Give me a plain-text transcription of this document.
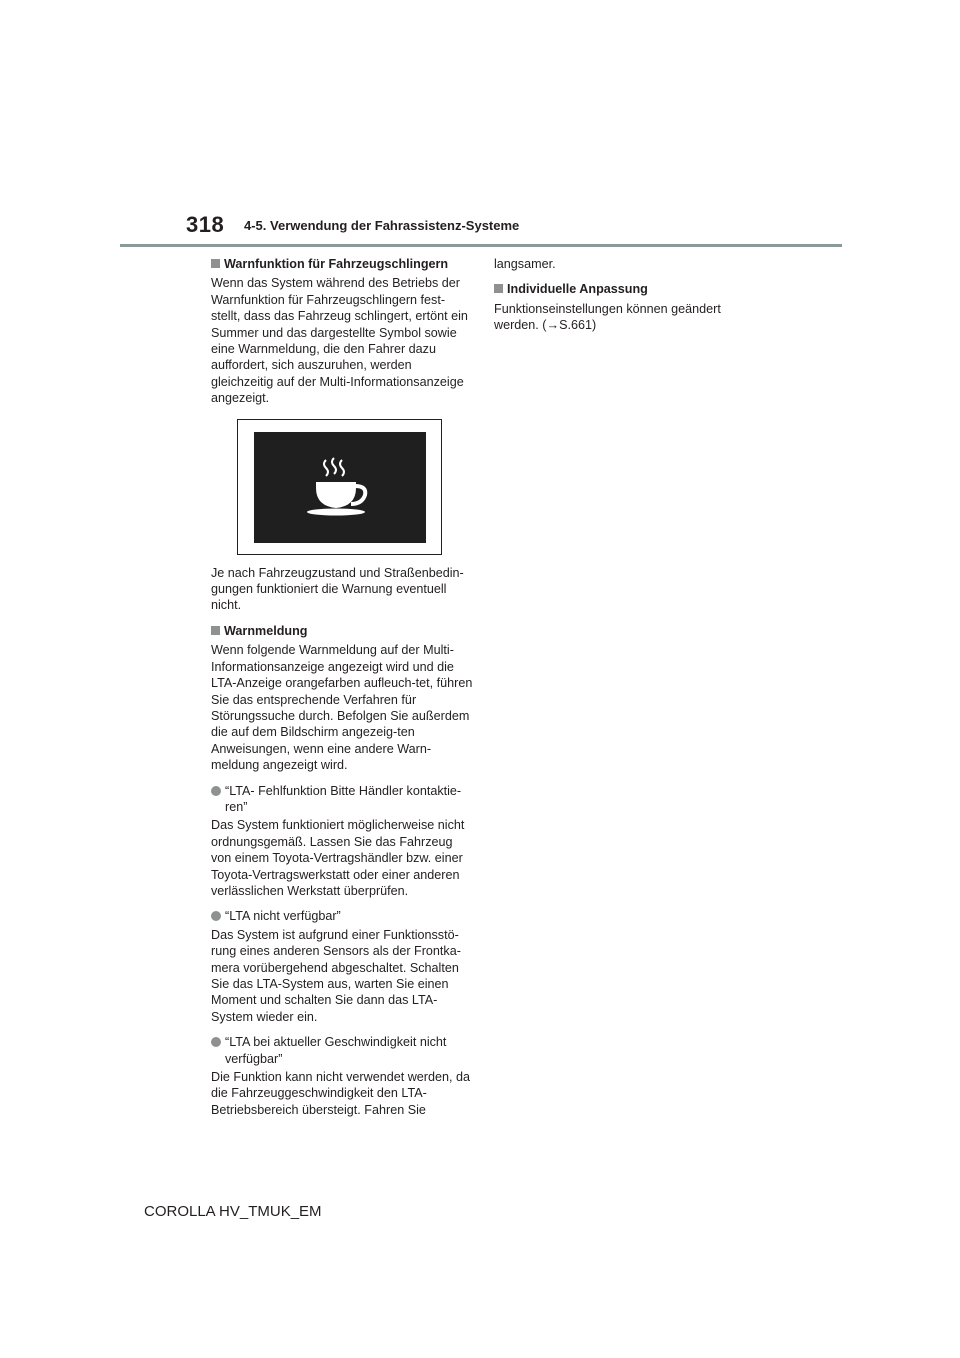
318 4-5. Verwendung der Fahrassistenz-Systeme
Warnfunktion für Fahrzeugschlingern

Wenn das System während des Betriebs der Warnfunktion für Fahrzeugschlingern fest-stellt, dass das Fahrzeug schlingert, ertönt ein Summer und das dargestellte Symbol sowie eine Warnmeldung, die den Fahrer dazu auffordert, sich auszuruhen, werden gleichzeitig auf der Multi-Informationsanzeige angezeigt.

Je nach Fahrzeugzustand und Straßenbedin-gungen funktioniert die Warnung eventuell nicht.

Warnmeldung

Wenn folgende Warnmeldung auf der Multi-Informationsanzeige angezeigt wird und die LTA-Anzeige orangefarben aufleuch-tet, führen Sie das entsprechende Verfahren für Störungssuche durch. Befolgen Sie außerdem die auf dem Bildschirm angezeig-ten Anweisungen, wenn eine andere Warn-meldung angezeigt wird.

“LTA- Fehlfunktion Bitte Händler kontaktie-ren”

Das System funktioniert möglicherweise nicht ordnungsgemäß. Lassen Sie das Fahrzeug von einem Toyota-Vertragshändler bzw. einer Toyota-Vertragswerkstatt oder einer anderen verlässlichen Werkstatt überprüfen.

“LTA nicht verfügbar”

Das System ist aufgrund einer Funktionsstö-rung eines anderen Sensors als der Frontka-mera vorübergehend abgeschaltet. Schalten Sie das LTA-System aus, warten Sie einen Moment und schalten Sie dann das LTA-System wieder ein.

“LTA bei aktueller Geschwindigkeit nicht verfügbar”

Die Funktion kann nicht verwendet werden, da die Fahrzeuggeschwindigkeit den LTA-Betriebsbereich übersteigt. Fahren Sie

langsamer.

Individuelle Anpassung

Funktionseinstellungen können geändert werden. (→S.661)

COROLLA HV_TMUK_EM
